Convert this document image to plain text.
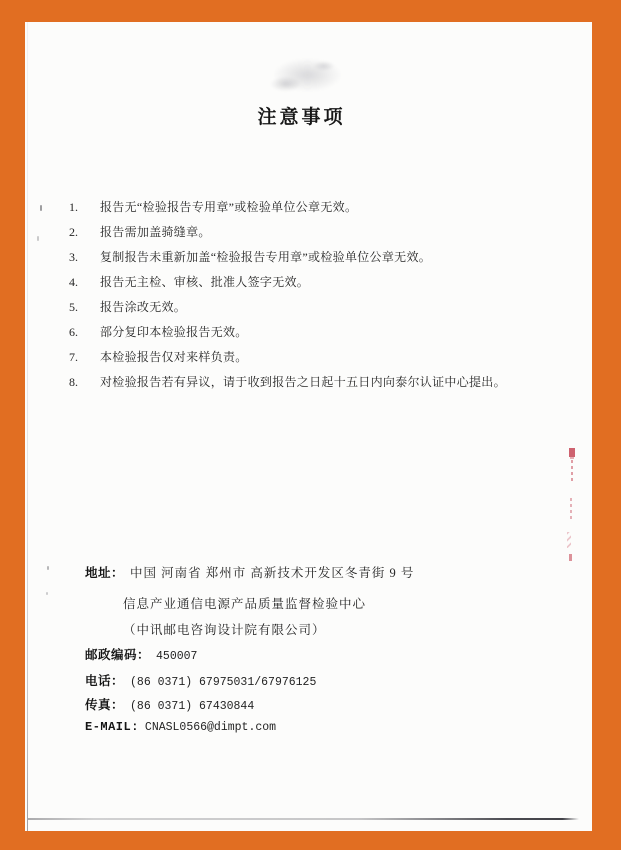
注意事项
1.	报告无“检验报告专用章”或检验单位公章无效。
2.	报告需加盖骑缝章。
3.	复制报告未重新加盖“检验报告专用章”或检验单位公章无效。
4.	报告无主检、审核、批准人签字无效。
5.	报告涂改无效。
6.	部分复印本检验报告无效。
7.	本检验报告仅对来样负责。
8.	对检验报告若有异议，请于收到报告之日起十五日内向泰尔认证中心提出。
地址： 中国 河南省 郑州市 高新技术开发区冬青街 9 号
信息产业通信电源产品质量监督检验中心
（中讯邮电咨询设计院有限公司）
邮政编码： 450007
电话： (86 0371) 67975031/67976125
传真： (86 0371) 67430844
E-MAIL: CNASL0566@dimpt.com
